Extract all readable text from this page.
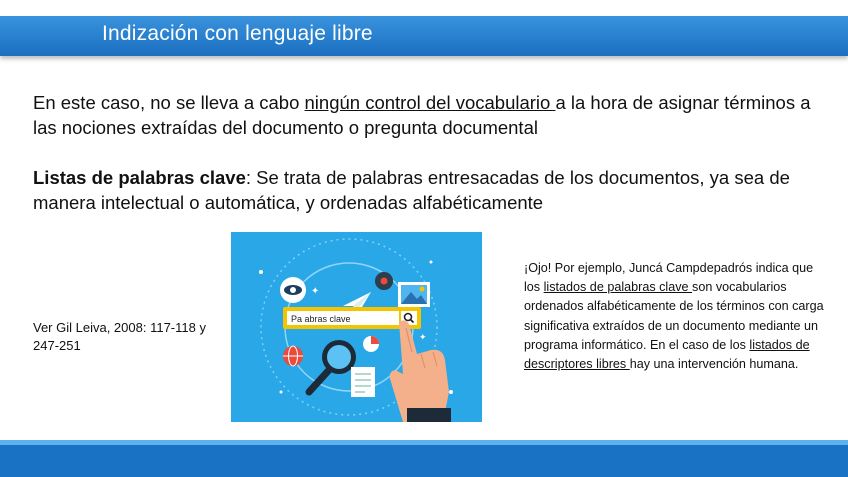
Indización con lenguaje libre
En este caso, no se lleva a cabo ningún control del vocabulario a la hora de asignar términos a las nociones extraídas del documento o pregunta documental
Listas de palabras clave: Se trata de palabras entresacadas de los documentos, ya sea de manera intelectual o automática, y ordenadas alfabéticamente
Ver Gil Leiva, 2008: 117-118 y 247-251
✦
✦
Pa abras clave
¡Ojo! Por ejemplo, Juncá Campdepadrós indica que los listados de palabras clave son vocabularios ordenados alfabéticamente de los términos con carga significativa extraídos de un documento mediante un programa informático. En el caso de los listados de descriptores libres hay una intervención humana.
